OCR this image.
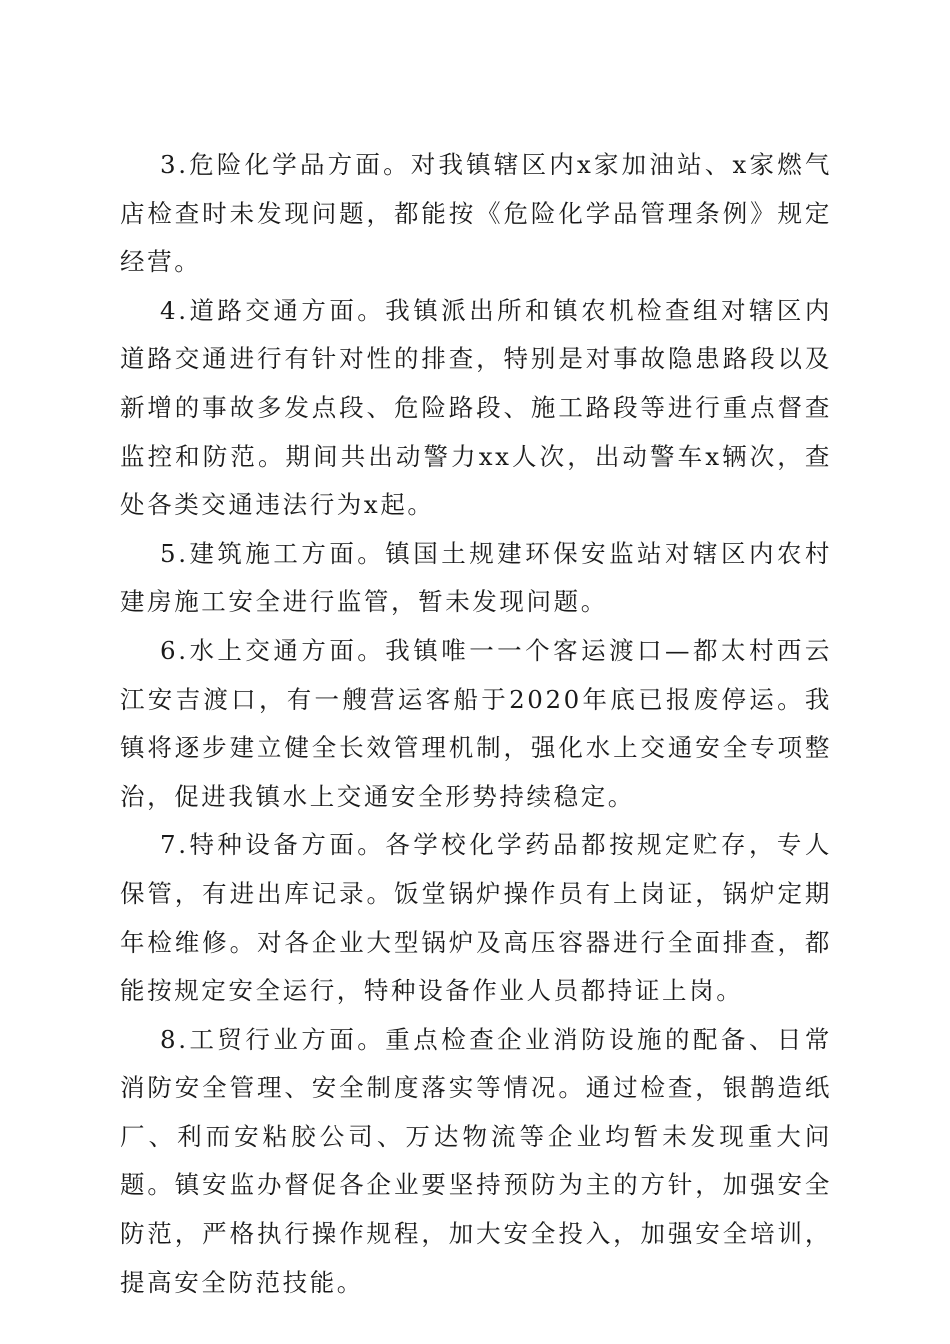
3.危险化学品方面。对我镇辖区内x家加油站、x家燃气店检查时未发现问题，都能按《危险化学品管理条例》规定经营。

4.道路交通方面。我镇派出所和镇农机检查组对辖区内道路交通进行有针对性的排查，特别是对事故隐患路段以及新增的事故多发点段、危险路段、施工路段等进行重点督查监控和防范。期间共出动警力xx人次，出动警车x辆次，查处各类交通违法行为x起。

5.建筑施工方面。镇国土规建环保安监站对辖区内农村建房施工安全进行监管，暂未发现问题。

6.水上交通方面。我镇唯一一个客运渡口—都太村西云江安吉渡口，有一艘营运客船于2020年底已报废停运。我镇将逐步建立健全长效管理机制，强化水上交通安全专项整治，促进我镇水上交通安全形势持续稳定。

7.特种设备方面。各学校化学药品都按规定贮存，专人保管，有进出库记录。饭堂锅炉操作员有上岗证，锅炉定期年检维修。对各企业大型锅炉及高压容器进行全面排查，都能按规定安全运行，特种设备作业人员都持证上岗。

8.工贸行业方面。重点检查企业消防设施的配备、日常消防安全管理、安全制度落实等情况。通过检查，银鹊造纸厂、利而安粘胶公司、万达物流等企业均暂未发现重大问题。镇安监办督促各企业要坚持预防为主的方针，加强安全防范，严格执行操作规程，加大安全投入，加强安全培训，提高安全防范技能。
